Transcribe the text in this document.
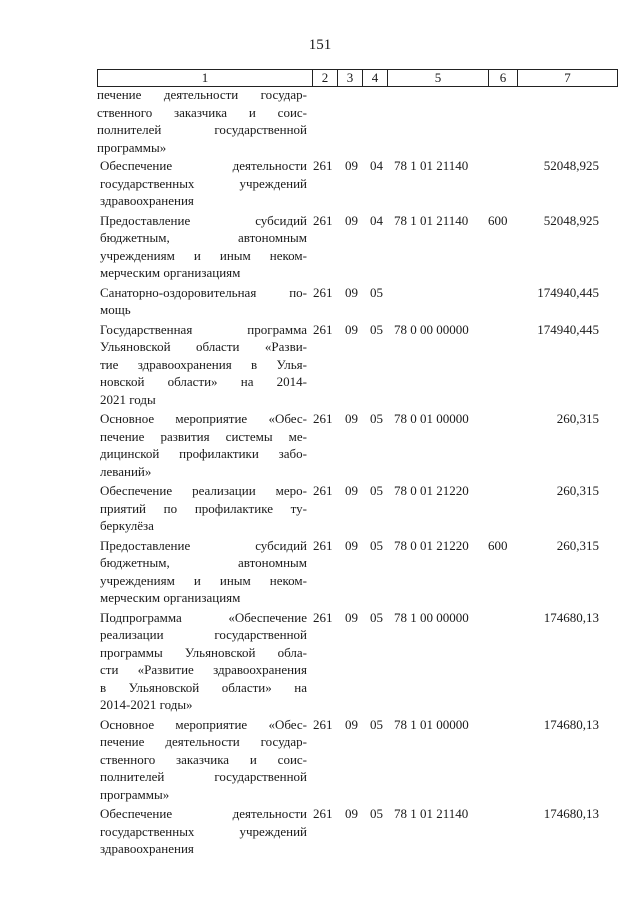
151
1	2	3	4	5	6	7
печение деятельности государ-
ственного заказчика и соис-
полнителей государственной
программы»
Обеспечение деятельности
государственных учреждений
здравоохранения
261 09 04 78 1 01 21140	52048,925
Предоставление субсидий
бюджетным, автономным
учреждениям и иным неком-
мерческим организациям
261 09 04 78 1 01 21140 600	52048,925
Санаторно-оздоровительная по-
мощь
261 09 05	174940,445
Государственная программа
Ульяновской области «Разви-
тие здравоохранения в Улья-
новской области» на 2014-
2021 годы
261 09 05 78 0 00 00000	174940,445
Основное мероприятие «Обес-
печение развития системы ме-
дицинской профилактики забо-
леваний»
261 09 05 78 0 01 00000	260,315
Обеспечение реализации меро-
приятий по профилактике ту-
беркулёза
261 09 05 78 0 01 21220	260,315
Предоставление субсидий
бюджетным, автономным
учреждениям и иным неком-
мерческим организациям
261 09 05 78 0 01 21220 600	260,315
Подпрограмма «Обеспечение
реализации государственной
программы Ульяновской обла-
сти «Развитие здравоохранения
в Ульяновской области» на
2014-2021 годы»
261 09 05 78 1 00 00000	174680,13
Основное мероприятие «Обес-
печение деятельности государ-
ственного заказчика и соис-
полнителей государственной
программы»
261 09 05 78 1 01 00000	174680,13
Обеспечение деятельности
государственных учреждений
здравоохранения
261 09 05 78 1 01 21140	174680,13
